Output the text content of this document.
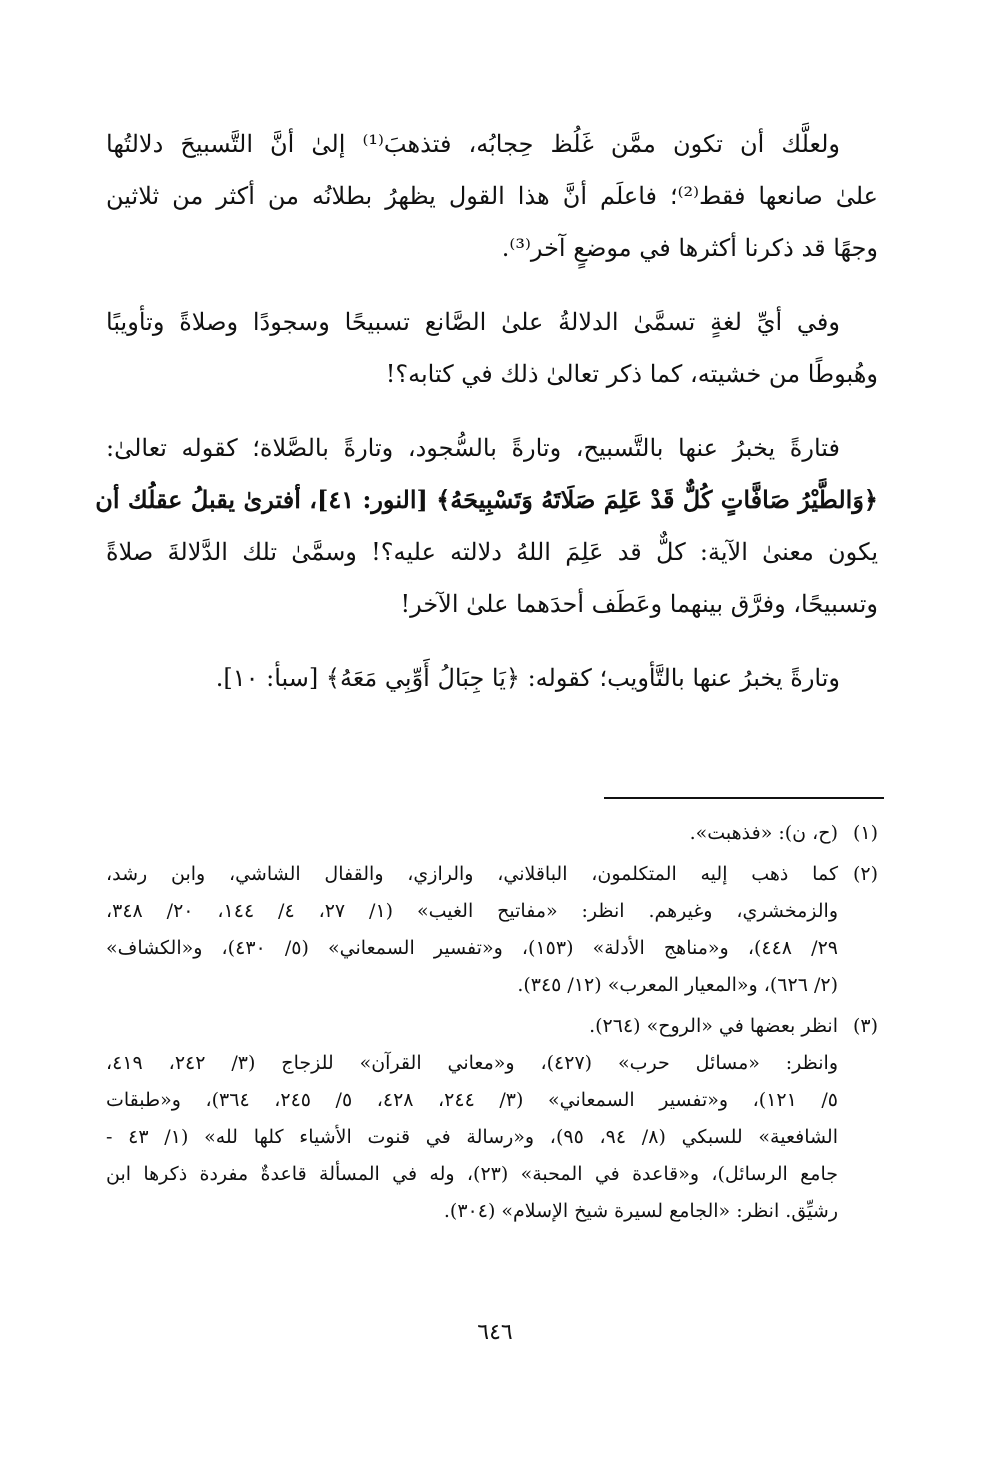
ولعلَّك أن تكون ممَّن غَلُظ حِجابُه، فتذهبَ⁽¹⁾ إلىٰ أنَّ التَّسبيحَ دلالتُها
علىٰ صانعها فقط⁽²⁾؛ فاعلَم أنَّ هذا القول يظهرُ بطلانُه من أكثر من ثلاثين
وجهًا قد ذكرنا أكثرها في موضعٍ آخر⁽³⁾.
وفي أيِّ لغةٍ تسمَّىٰ الدلالةُ علىٰ الصَّانع تسبيحًا وسجودًا وصلاةً وتأويبًا
وهُبوطًا من خشيته، كما ذكر تعالىٰ ذلك في كتابه؟!
فتارةً يخبرُ عنها بالتَّسبيح، وتارةً بالسُّجود، وتارةً بالصَّلاة؛ كقوله تعالىٰ:
﴿وَالطَّيْرُ صَافَّاتٍ كُلٌّ قَدْ عَلِمَ صَلَاتَهُ وَتَسْبِيحَهُ﴾ [النور: ٤١]، أفترىٰ يقبلُ عقلُك أن
يكون معنىٰ الآية: كلٌّ قد عَلِمَ اللهُ دلالته عليه؟! وسمَّىٰ تلك الدَّلالةَ صلاةً
وتسبيحًا، وفرَّق بينهما وعَطَف أحدَهما علىٰ الآخر!
وتارةً يخبرُ عنها بالتَّأويب؛ كقوله: ﴿يَا جِبَالُ أَوِّبِي مَعَهُ﴾ [سبأ: ١٠].
(١)
(ح، ن): «فذهبت».
(٢)
كما ذهب إليه المتكلمون، الباقلاني، والرازي، والقفال الشاشي، وابن رشد،
والزمخشري، وغيرهم. انظر: «مفاتيح الغيب» (١/ ٢٧، ٤/ ١٤٤، ٢٠/ ٣٤٨،
٢٩/ ٤٤٨)، و«مناهج الأدلة» (١٥٣)، و«تفسير السمعاني» (٥/ ٤٣٠)، و«الكشاف»
(٢/ ٦٢٦)، و«المعيار المعرب» (١٢/ ٣٤٥).
(٣)
انظر بعضها في «الروح» (٢٦٤).
وانظر: «مسائل حرب» (٤٢٧)، و«معاني القرآن» للزجاج (٣/ ٢٤٢، ٤١٩،
٥/ ١٢١)، و«تفسير السمعاني» (٣/ ٢٤٤، ٤٢٨، ٥/ ٢٤٥، ٣٦٤)، و«طبقات
الشافعية» للسبكي (٨/ ٩٤، ٩٥)، و«رسالة في قنوت الأشياء كلها لله» (١/ ٤٣ -
جامع الرسائل)، و«قاعدة في المحبة» (٢٣)، وله في المسألة قاعدةٌ مفردة ذكرها ابن
رشيِّق. انظر: «الجامع لسيرة شيخ الإسلام» (٣٠٤).
٦٤٦
